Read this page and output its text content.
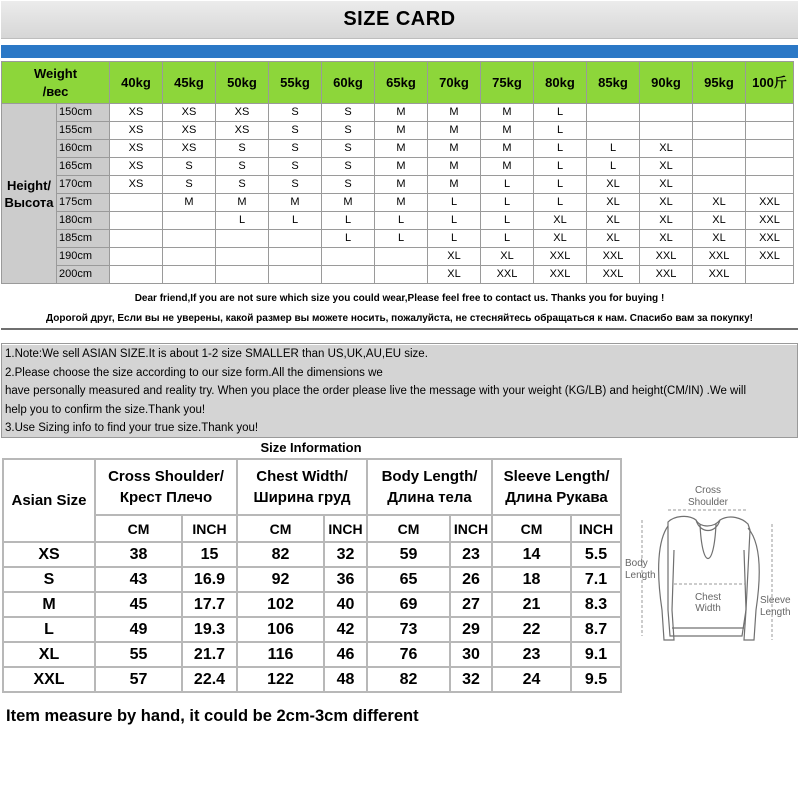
SIZE CARD
Weight
/вес		40kg	45kg	50kg	55kg	60kg	65kg	70kg	75kg	80kg	85kg	90kg	95kg	100斤
Height/
Высота	150cm	XS	XS	XS	S	S	M	M	M	L				
	155cm	XS	XS	XS	S	S	M	M	M	L				
	160cm	XS	XS	S	S	S	M	M	M	L	L	XL		
	165cm	XS	S	S	S	S	M	M	M	L	L	XL		
	170cm	XS	S	S	S	S	M	M	L	L	XL	XL		
	175cm		M	M	M	M	M	L	L	L	XL	XL	XL	XXL
	180cm			L	L	L	L	L	L	XL	XL	XL	XL	XXL
	185cm					L	L	L	L	XL	XL	XL	XL	XXL
	190cm							XL	XL	XXL	XXL	XXL	XXL	XXL
	200cm							XL	XXL	XXL	XXL	XXL	XXL	
Dear friend,If you are not sure which size you could wear,Please feel free to contact us. Thanks you for buying !
Дорогой друг, Если вы не уверены, какой размер вы можете носить, пожалуйста, не стесняйтесь обращаться к нам. Спасибо вам за покупку!

1.Note:We sell ASIAN SIZE.It is about 1-2 size SMALLER than US,UK,AU,EU size.

2.Please choose the size according to our size form.All the dimensions we

have personally measured and reality try. When you place the order please live the message with your weight (KG/LB) and height(CM/IN) .We will

help you to confirm the size.Thank you!

3.Use Sizing info to find your true size.Thank you!

Size Information
Asian Size	Cross Shoulder/
Крест Плечо		Chest Width/
Ширина груд		Body Length/
Длина тела		Sleeve Length/
Длина Рукава	
	CM	INCH	CM	INCH	CM	INCH	CM	INCH
XS	38	15	82	32	59	23	14	5.5
S	43	16.9	92	36	65	26	18	7.1
M	45	17.7	102	40	69	27	21	8.3
L	49	19.3	106	42	73	29	22	8.7
XL	55	21.7	116	46	76	30	23	9.1
XXL	57	22.4	122	48	82	32	24	9.5
Item measure by hand, it could be 2cm-3cm different
Cross
Shoulder
Body
Length
Chest
Width
Sleeve
Length
